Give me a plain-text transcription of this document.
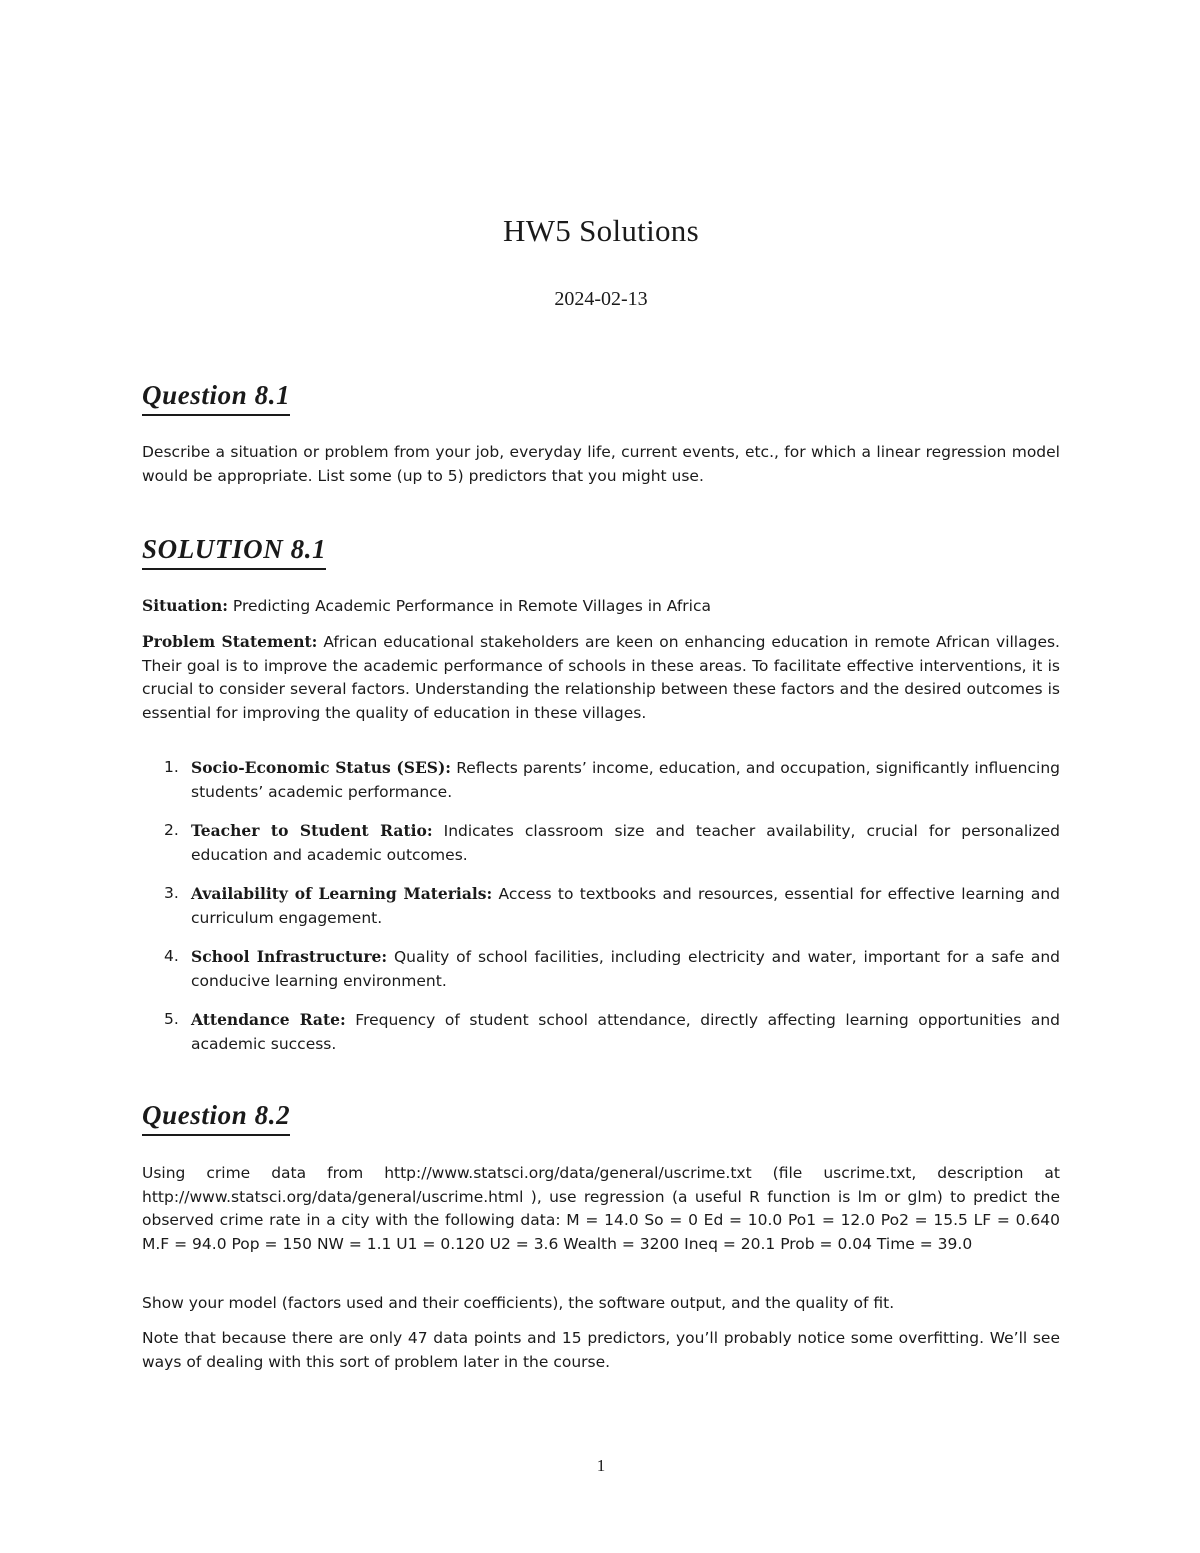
HW5 Solutions
2024-02-13
Question 8.1

Describe a situation or problem from your job, everyday life, current events, etc., for which a linear regression model would be appropriate. List some (up to 5) predictors that you might use.

SOLUTION 8.1

Situation: Predicting Academic Performance in Remote Villages in Africa

Problem Statement: African educational stakeholders are keen on enhancing education in remote African villages. Their goal is to improve the academic performance of schools in these areas. To facilitate effective interventions, it is crucial to consider several factors. Understanding the relationship between these factors and the desired outcomes is essential for improving the quality of education in these villages.

1. Socio-Economic Status (SES): Reflects parents’ income, education, and occupation, significantly influencing students’ academic performance.
2. Teacher to Student Ratio: Indicates classroom size and teacher availability, crucial for personalized education and academic outcomes.
3. Availability of Learning Materials: Access to textbooks and resources, essential for effective learning and curriculum engagement.
4. School Infrastructure: Quality of school facilities, including electricity and water, important for a safe and conducive learning environment.
5. Attendance Rate: Frequency of student school attendance, directly affecting learning opportunities and academic success.
Question 8.2

Using crime data from http://www.statsci.org/data/general/uscrime.txt (file uscrime.txt, description at http://www.statsci.org/data/general/uscrime.html ), use regression (a useful R function is lm or glm) to predict the observed crime rate in a city with the following data: M = 14.0 So = 0 Ed = 10.0 Po1 = 12.0 Po2 = 15.5 LF = 0.640 M.F = 94.0 Pop = 150 NW = 1.1 U1 = 0.120 U2 = 3.6 Wealth = 3200 Ineq = 20.1 Prob = 0.04 Time = 39.0

Show your model (factors used and their coefficients), the software output, and the quality of fit.

Note that because there are only 47 data points and 15 predictors, you’ll probably notice some overfitting. We’ll see ways of dealing with this sort of problem later in the course.

1
